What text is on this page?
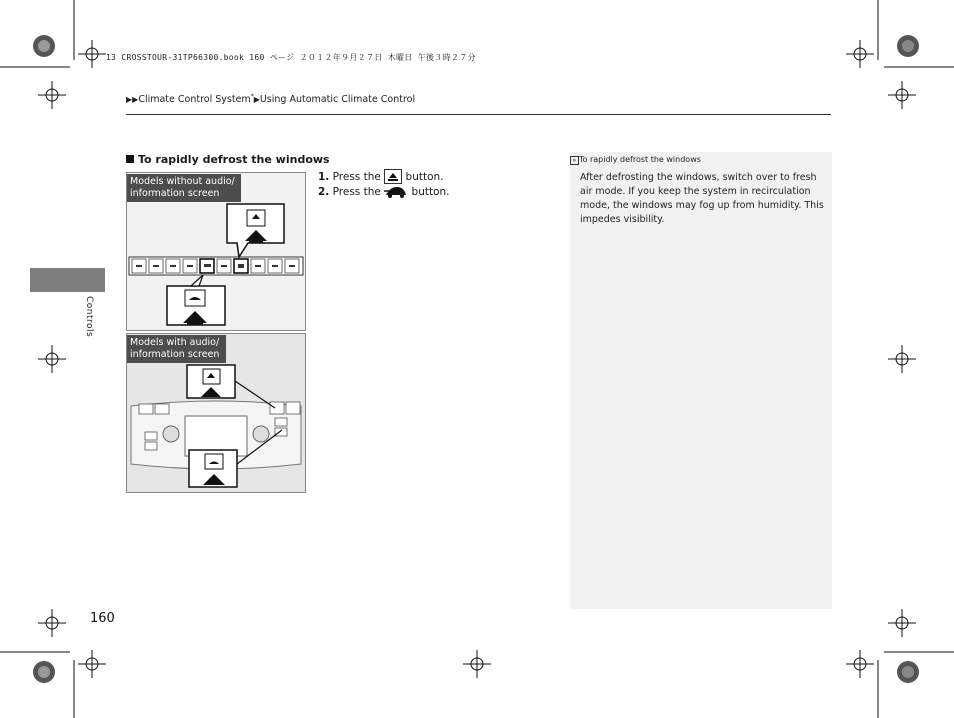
13 CROSSTOUR-31TP66300.book 160 ページ ２０１２年９月２７日 木曜日 午後３時２７分
▶▶Climate Control System*▶Using Automatic Climate Control
To rapidly defrost the windows
Models without audio/
information screen
Models with audio/
information screen
1. Press the button.
2. Press the	button.
» To rapidly defrost the windows
After defrosting the windows, switch over to fresh air mode. If you keep the system in recirculation mode, the windows may fog up from humidity. This impedes visibility.
Controls
160
